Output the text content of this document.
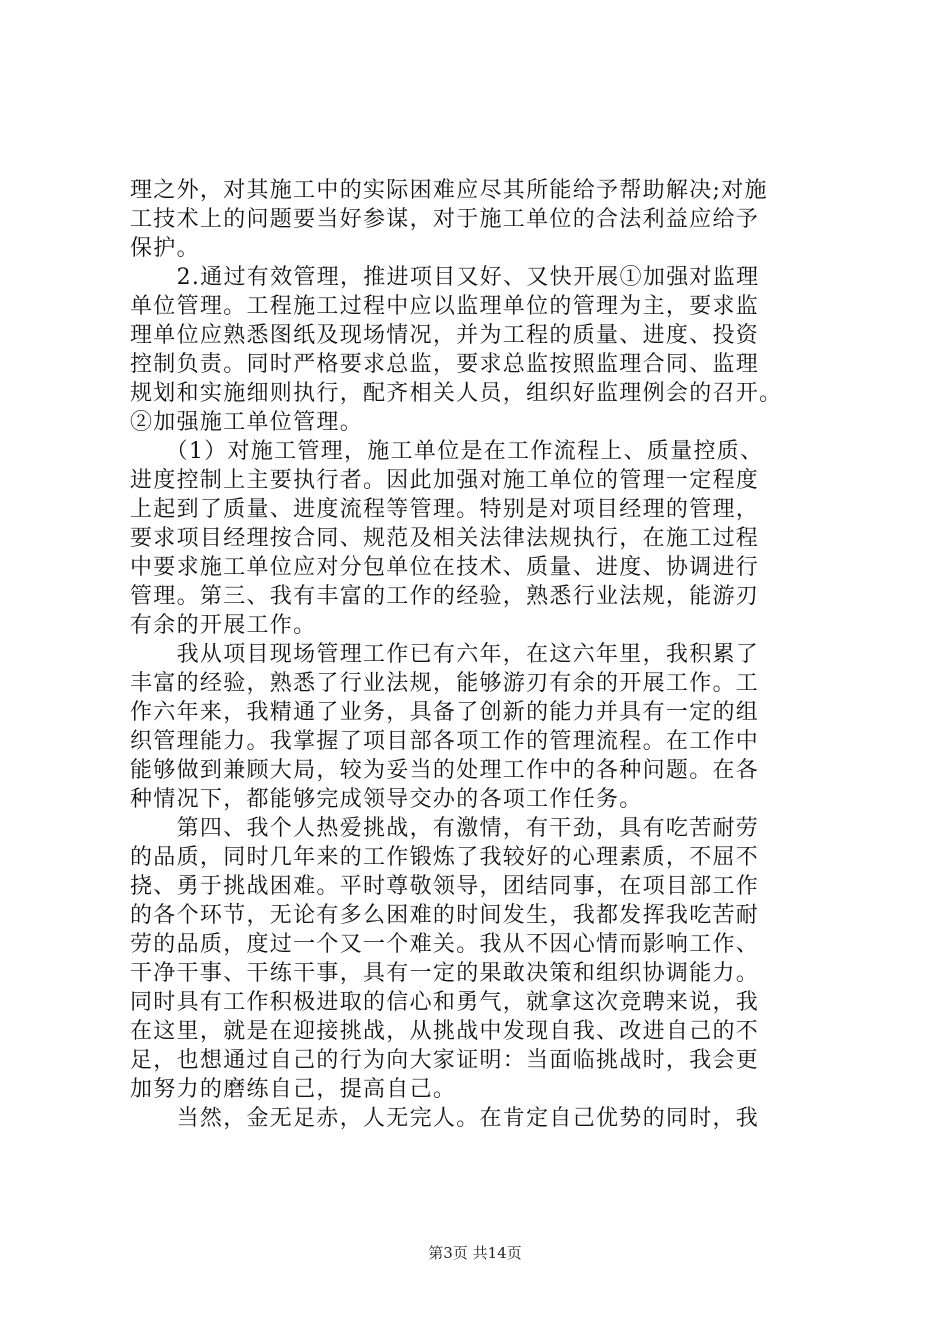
理之外，对其施工中的实际困难应尽其所能给予帮助解决;对施
工技术上的问题要当好参谋，对于施工单位的合法利益应给予
保护。
　　2.通过有效管理，推进项目又好、又快开展①加强对监理
单位管理。工程施工过程中应以监理单位的管理为主，要求监
理单位应熟悉图纸及现场情况，并为工程的质量、进度、投资
控制负责。同时严格要求总监，要求总监按照监理合同、监理
规划和实施细则执行，配齐相关人员，组织好监理例会的召开。
②加强施工单位管理。
　　（1）对施工管理，施工单位是在工作流程上、质量控质、
进度控制上主要执行者。因此加强对施工单位的管理一定程度
上起到了质量、进度流程等管理。特别是对项目经理的管理，
要求项目经理按合同、规范及相关法律法规执行，在施工过程
中要求施工单位应对分包单位在技术、质量、进度、协调进行
管理。第三、我有丰富的工作的经验，熟悉行业法规，能游刃
有余的开展工作。
　　我从项目现场管理工作已有六年，在这六年里，我积累了
丰富的经验，熟悉了行业法规，能够游刃有余的开展工作。工
作六年来，我精通了业务，具备了创新的能力并具有一定的组
织管理能力。我掌握了项目部各项工作的管理流程。在工作中
能够做到兼顾大局，较为妥当的处理工作中的各种问题。在各
种情况下，都能够完成领导交办的各项工作任务。
　　第四、我个人热爱挑战，有激情，有干劲，具有吃苦耐劳
的品质，同时几年来的工作锻炼了我较好的心理素质，不屈不
挠、勇于挑战困难。平时尊敬领导，团结同事，在项目部工作
的各个环节，无论有多么困难的时间发生，我都发挥我吃苦耐
劳的品质，度过一个又一个难关。我从不因心情而影响工作、
干净干事、干练干事，具有一定的果敢决策和组织协调能力。
同时具有工作积极进取的信心和勇气，就拿这次竞聘来说，我
在这里，就是在迎接挑战，从挑战中发现自我、改进自己的不
足，也想通过自己的行为向大家证明：当面临挑战时，我会更
加努力的磨练自己，提高自己。
　　当然，金无足赤，人无完人。在肯定自己优势的同时，我
第3页 共14页
